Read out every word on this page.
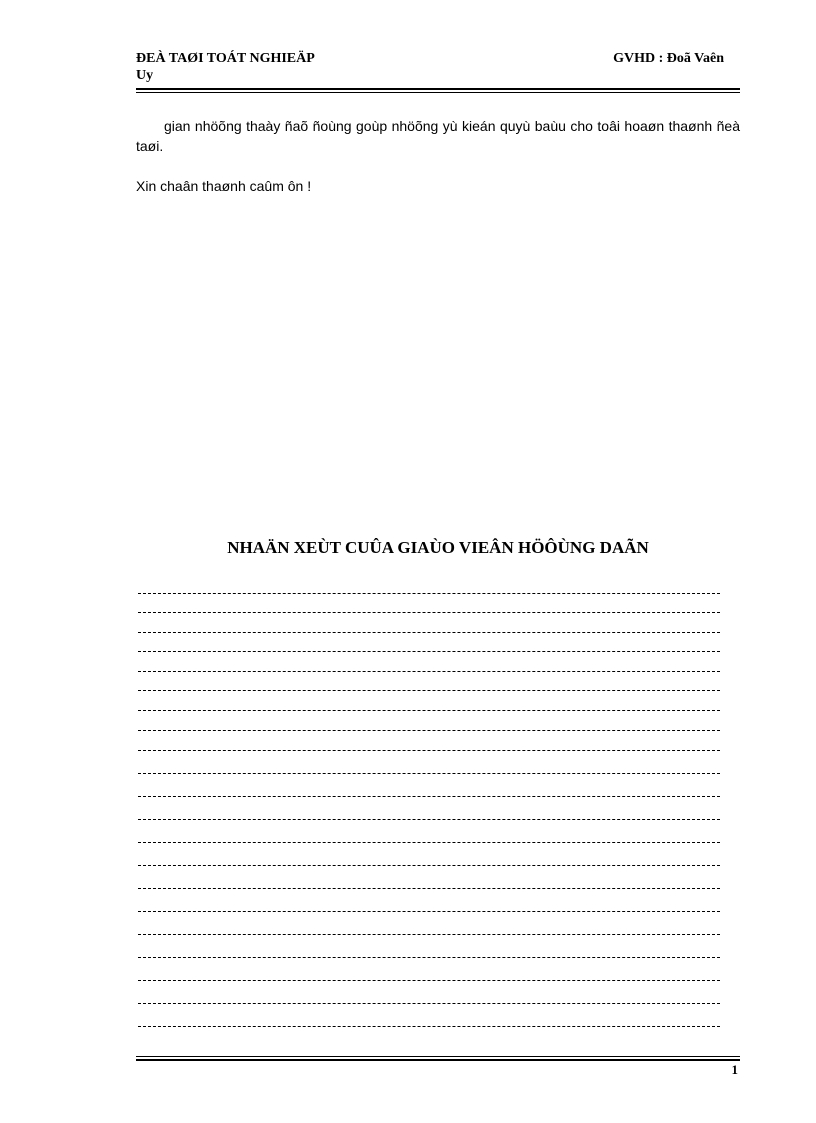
ĐEÀ TAØI TOÁT NGHIEÄP
Uy
GVHD : Đoã Vaên

gian nhöõng thaày ñaõ ñoùng goùp nhöõng yù kieán quyù baùu cho toâi hoaøn thaønh ñeà taøi.

Xin chaân thaønh caûm ôn !

NHAÄN XEÙT CUÛA GIAÙO VIEÂN HÖÔÙNG DAÃN
1
